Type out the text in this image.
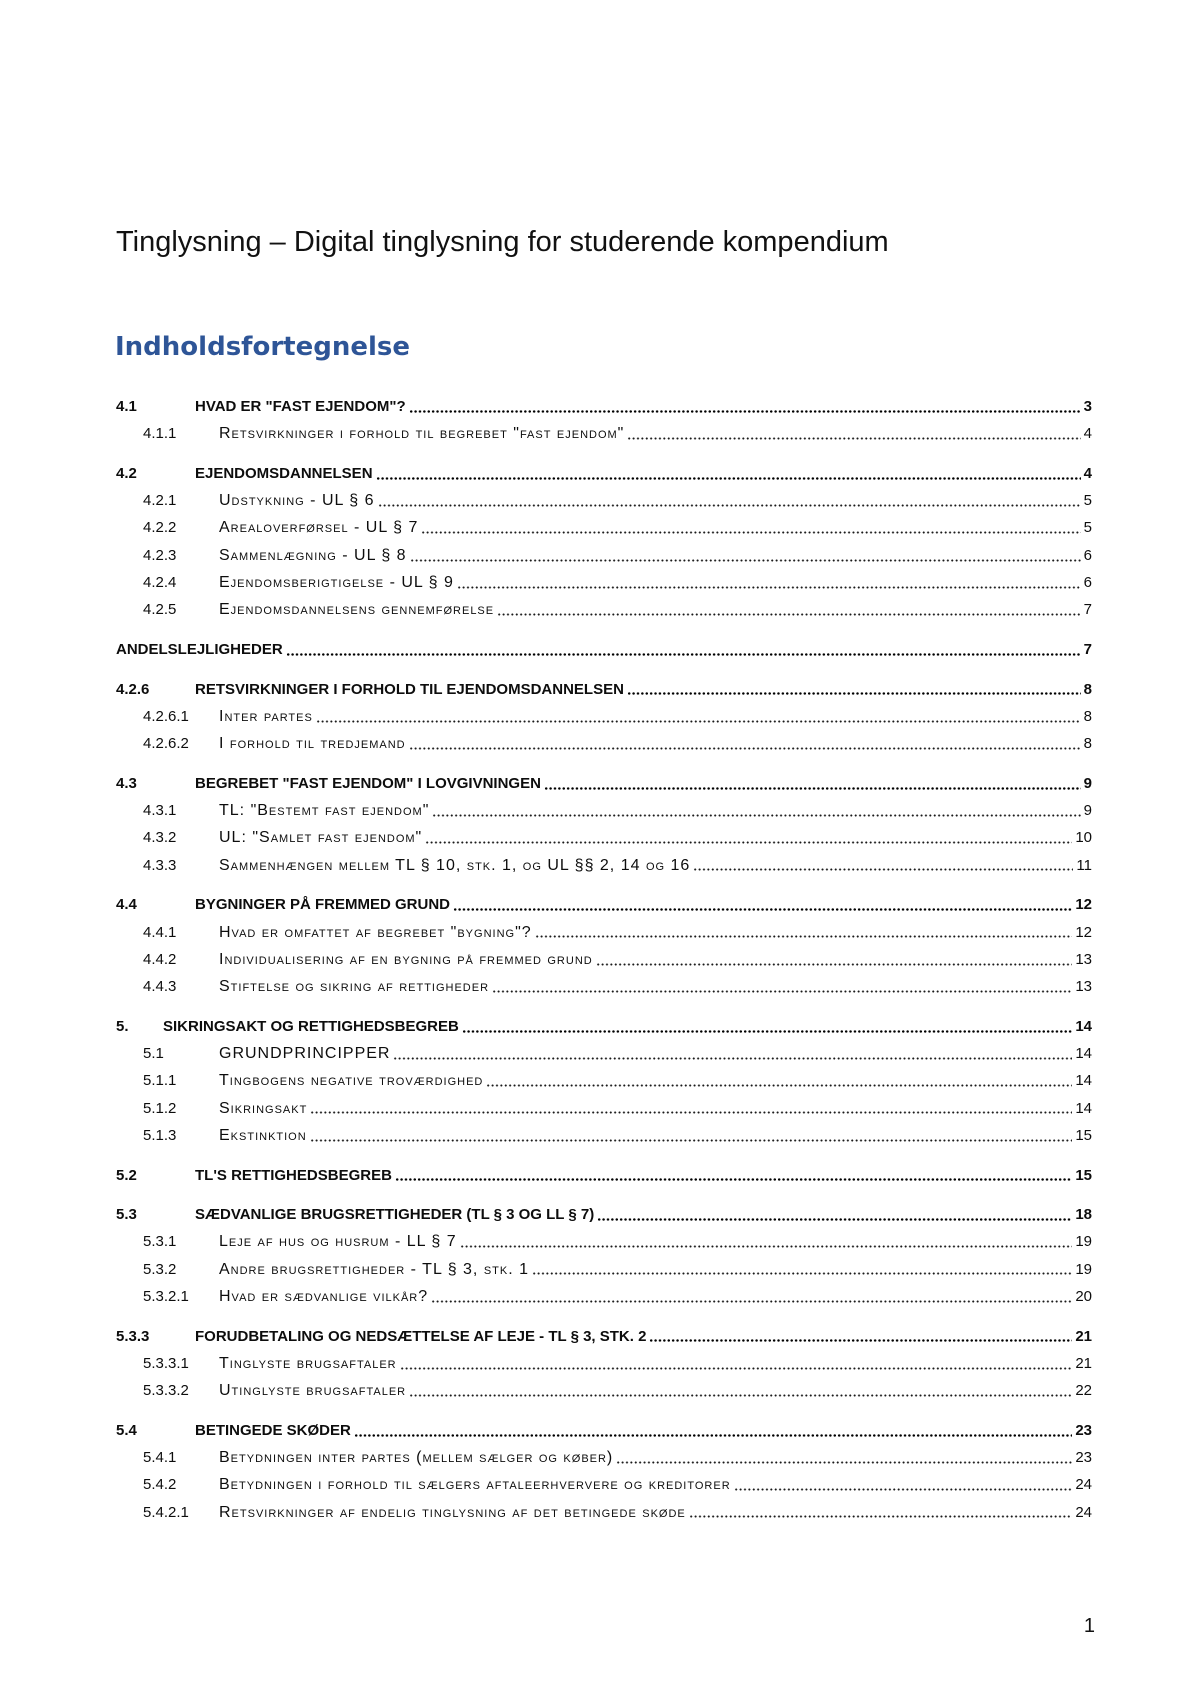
Tinglysning – Digital tinglysning for studerende kompendium
Indholdsfortegnelse
4.1	HVAD ER "FAST EJENDOM"?	3
4.1.1	Retsvirkninger i forhold til begrebet "fast ejendom"	4
4.2	EJENDOMSDANNELSEN	4
4.2.1	Udstykning - UL § 6	5
4.2.2	Arealoverførsel - UL § 7	5
4.2.3	Sammenlægning - UL § 8	6
4.2.4	Ejendomsberigtigelse - UL § 9	6
4.2.5	Ejendomsdannelsens gennemførelse	7
ANDELSLEJLIGHEDER	7
4.2.6	RETSVIRKNINGER I FORHOLD TIL EJENDOMSDANNELSEN	8
4.2.6.1	Inter partes	8
4.2.6.2	I forhold til tredjemand	8
4.3	BEGREBET "FAST EJENDOM" I LOVGIVNINGEN	9
4.3.1	TL: "Bestemt fast ejendom"	9
4.3.2	UL: "Samlet fast ejendom"	10
4.3.3	Sammenhængen mellem TL § 10, stk. 1, og UL §§ 2, 14 og 16	11
4.4	BYGNINGER PÅ FREMMED GRUND	12
4.4.1	Hvad er omfattet af begrebet "bygning"?	12
4.4.2	Individualisering af en bygning på fremmed grund	13
4.4.3	Stiftelse og sikring af rettigheder	13
5.	SIKRINGSAKT OG RETTIGHEDSBEGREB	14
5.1	GRUNDPRINCIPPER	14
5.1.1	Tingbogens negative troværdighed	14
5.1.2	Sikringsakt	14
5.1.3	Ekstinktion	15
5.2	TL'S RETTIGHEDSBEGREB	15
5.3	SÆDVANLIGE BRUGSRETTIGHEDER (TL § 3 OG LL § 7)	18
5.3.1	Leje af hus og husrum - LL § 7	19
5.3.2	Andre brugsrettigheder - TL § 3, stk. 1	19
5.3.2.1	Hvad er sædvanlige vilkår?	20
5.3.3	FORUDBETALING OG NEDSÆTTELSE AF LEJE - TL § 3, STK. 2	21
5.3.3.1	Tinglyste brugsaftaler	21
5.3.3.2	Utinglyste brugsaftaler	22
5.4	BETINGEDE SKØDER	23
5.4.1	Betydningen inter partes (mellem sælger og køber)	23
5.4.2	Betydningen i forhold til sælgers aftaleerhververe og kreditorer	24
5.4.2.1	Retsvirkninger af endelig tinglysning af det betingede skøde	24
1
